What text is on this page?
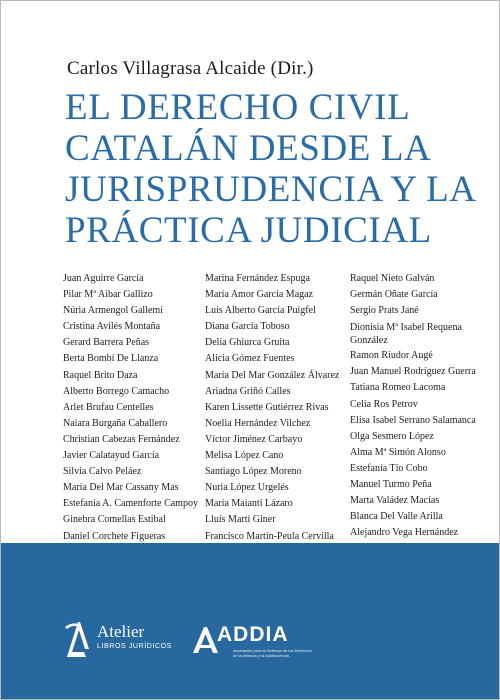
Carlos Villagrasa Alcaide (Dir.)
EL DERECHO CIVIL
CATALÁN DESDE LA
JURISPRUDENCIA Y LA
PRÁCTICA JUDICIAL
Juan Aguirre García
Pilar Mª Aibar Gallizo
Núria Armengol Gallemí
Cristina Avilés Montaña
Gerard Barrera Peñas
Berta Bombí De Llanza
Raquel Brito Daza
Alberto Borrego Camacho
Arlet Brufau Centelles
Naiara Burgaña Caballero
Christian Cabezas Fernández
Javier Calatayud García
Silvia Calvo Peláez
María Del Mar Cassany Mas
Estefanía A. Camenforte Campoy
Ginebra Comellas Estibal
Daniel Corchete Figueras
Marina Fernández Espuga
María Amor García Magaz
Luis Alberto García Puigfel
Diana García Toboso
Delia Ghiurca Gruita
Alicia Gómez Fuentes
María Del Mar González Álvarez
Ariadna Griñó Calles
Karen Lissette Gutiérrez Rivas
Noelia Hernández Vilchez
Víctor Jiménez Carbayo
Melisa López Cano
Santiago López Moreno
Nuria López Urgelés
María Maianti Lázaro
Lluís Martí Giner
Francisco Martín-Peula Cervilla
Raquel Nieto Galván
Germán Oñate García
Sergio Prats Jané
Dionisia Mª Isabel Requena González
Ramon Riudor Augé
Juan Manuel Rodríguez Guerra
Tatiana Romeo Lacoma
Celia Ros Petrov
Elisa Isabel Serrano Salamanca
Olga Sesmero López
Alma Mª Simón Alonso
Estefanía Tío Cobo
Manuel Turmo Peña
Marta Valádez Macías
Blanca Del Valle Arilla
Alejandro Vega Hernández
Atelier
LIBROS JURÍDICOS
ADDIA
Asociación para la Defensa de los Derechos de la Infancia y la Adolescencia
